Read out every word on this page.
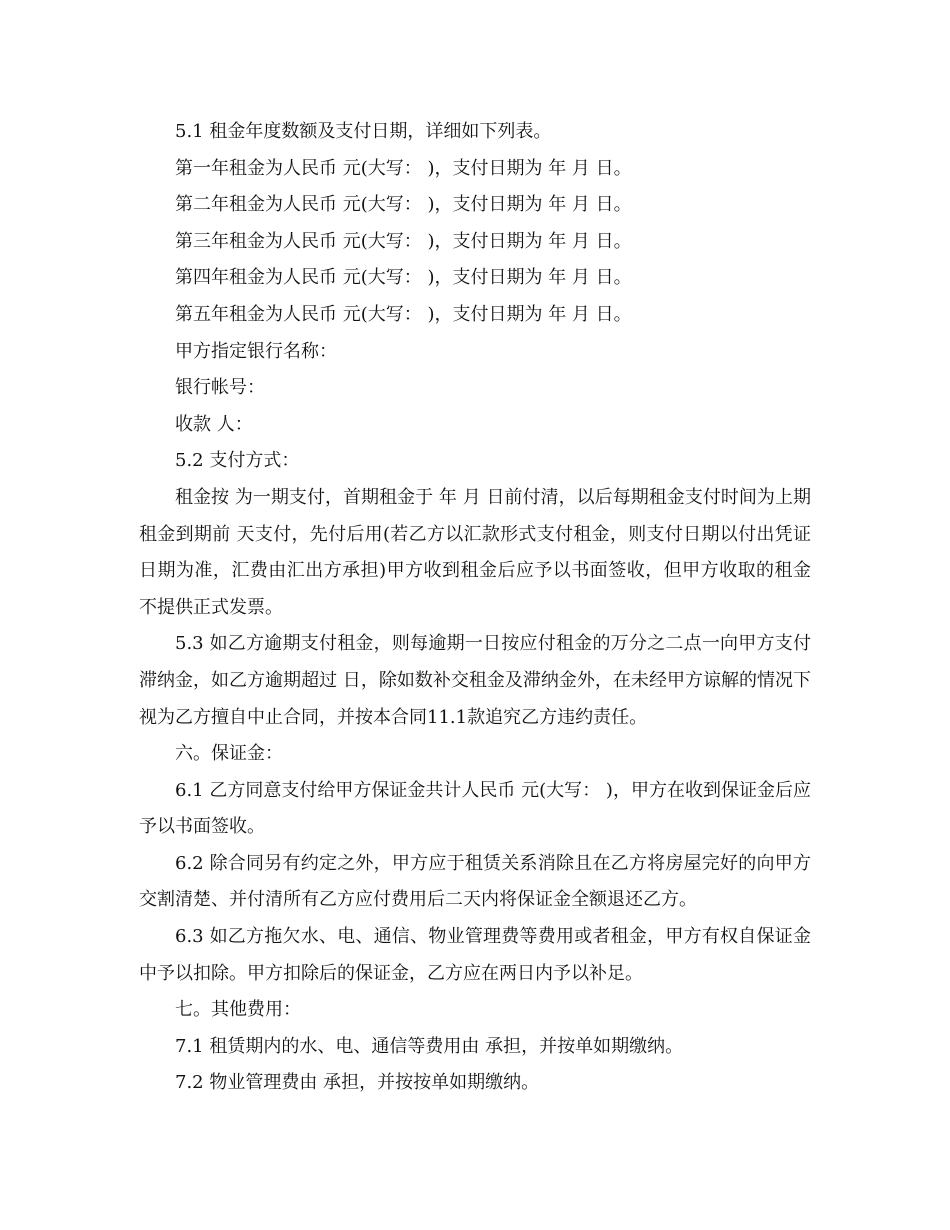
5.1 租金年度数额及支付日期，详细如下列表。

第一年租金为人民币 元(大写： )，支付日期为 年 月 日。

第二年租金为人民币 元(大写： )，支付日期为 年 月 日。

第三年租金为人民币 元(大写： )，支付日期为 年 月 日。

第四年租金为人民币 元(大写： )，支付日期为 年 月 日。

第五年租金为人民币 元(大写： )，支付日期为 年 月 日。

甲方指定银行名称：

银行帐号：

收款 人：

5.2 支付方式：

租金按 为一期支付，首期租金于 年 月 日前付清，以后每期租金支付时间为上期租金到期前 天支付，先付后用(若乙方以汇款形式支付租金，则支付日期以付出凭证日期为准，汇费由汇出方承担)甲方收到租金后应予以书面签收，但甲方收取的租金不提供正式发票。

5.3 如乙方逾期支付租金，则每逾期一日按应付租金的万分之二点一向甲方支付滞纳金，如乙方逾期超过 日，除如数补交租金及滞纳金外，在未经甲方谅解的情况下视为乙方擅自中止合同，并按本合同11.1款追究乙方违约责任。

六。保证金：

6.1 乙方同意支付给甲方保证金共计人民币 元(大写： )，甲方在收到保证金后应予以书面签收。

6.2 除合同另有约定之外，甲方应于租赁关系消除且在乙方将房屋完好的向甲方交割清楚、并付清所有乙方应付费用后二天内将保证金全额退还乙方。

6.3 如乙方拖欠水、电、通信、物业管理费等费用或者租金，甲方有权自保证金中予以扣除。甲方扣除后的保证金，乙方应在两日内予以补足。

七。其他费用：

7.1 租赁期内的水、电、通信等费用由 承担，并按单如期缴纳。

7.2 物业管理费由 承担，并按按单如期缴纳。
